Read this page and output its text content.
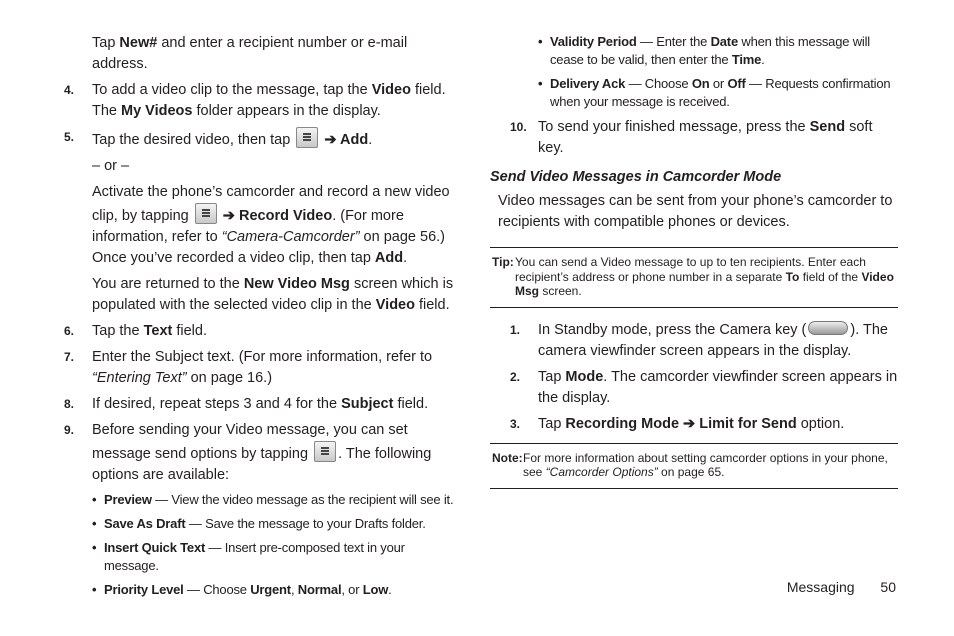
Tap New# and enter a recipient number or e-mail address.

4. To add a video clip to the message, tap the Video field. The My Videos folder appears in the display.
5. Tap the desired video, then tap  ➔ Add.

– or –

Activate the phone’s camcorder and record a new video clip, by tapping  ➔ Record Video. (For more information, refer to “Camera-Camcorder” on page 56.) Once you’ve recorded a video clip, then tap Add.

You are returned to the New Video Msg screen which is populated with the selected video clip in the Video field.

6. Tap the Text field.
7. Enter the Subject text. (For more information, refer to “Entering Text” on page 16.)
8. If desired, repeat steps 3 and 4 for the Subject field.
9. Before sending your Video message, you can set message send options by tapping . The following options are available:
• Preview — View the video message as the recipient will see it.
• Save As Draft — Save the message to your Drafts folder.
• Insert Quick Text — Insert pre-composed text in your message.
• Priority Level — Choose Urgent, Normal, or Low.
• Validity Period — Enter the Date when this message will cease to be valid, then enter the Time.
• Delivery Ack — Choose On or Off — Requests confirmation when your message is received.
10. To send your finished message, press the Send soft key.
Send Video Messages in Camcorder Mode

Video messages can be sent from your phone’s camcorder to recipients with compatible phones or devices.

Tip: You can send a Video message to up to ten recipients. Enter each recipient’s address or phone number in a separate To field of the Video Msg screen.
1. In Standby mode, press the Camera key (	). The camera viewfinder screen appears in the display.
2. Tap Mode. The camcorder viewfinder screen appears in the display.
3. Tap Recording Mode ➔ Limit for Send option.
Note: For more information about setting camcorder options in your phone, see “Camcorder Options” on page 65.
Messaging 50
